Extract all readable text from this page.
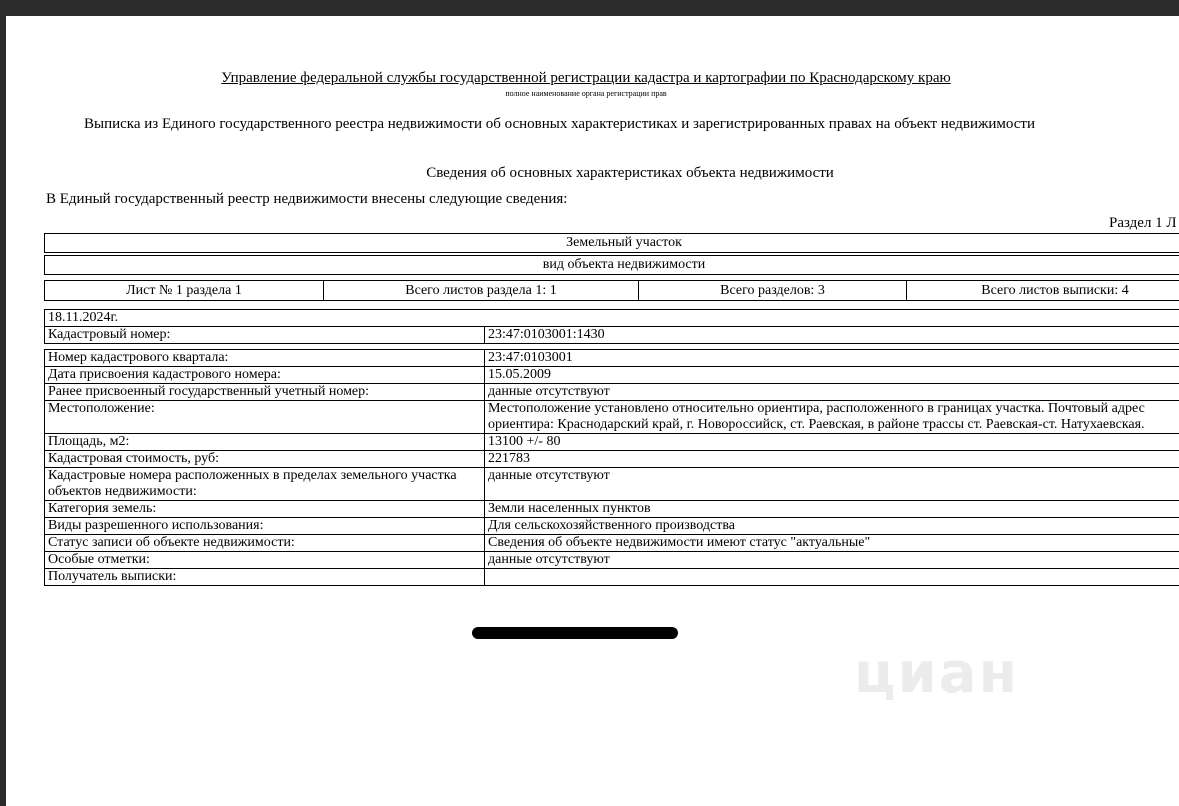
Управление федеральной службы государственной регистрации кадастра и картографии по Краснодарскому краю
полное наименование органа регистрации прав
Выписка из Единого государственного реестра недвижимости об основных характеристиках и зарегистрированных правах на объект недвижимости
Сведения об основных характеристиках объекта недвижимости
В Единый государственный реестр недвижимости внесены следующие сведения:
Раздел 1 Л
Земельный участок
вид объекта недвижимости
Лист № 1 раздела 1	Всего листов раздела 1: 1	Всего разделов: 3	Всего листов выписки: 4
18.11.2024г.	
Кадастровый номер:	23:47:0103001:1430

Номер кадастрового квартала:	23:47:0103001
Дата присвоения кадастрового номера:	15.05.2009
Ранее присвоенный государственный учетный номер:	данные отсутствуют
Местоположение:	Местоположение установлено относительно ориентира, расположенного в границах участка. Почтовый адрес ориентира: Краснодарский край, г. Новороссийск, ст. Раевская, в районе трассы ст. Раевская-ст. Натухаевская.
Площадь, м2:	13100 +/- 80
Кадастровая стоимость, руб:	221783
Кадастровые номера расположенных в пределах земельного участка объектов недвижимости:	данные отсутствуют
Категория земель:	Земли населенных пунктов
Виды разрешенного использования:	Для сельскохозяйственного производства
Статус записи об объекте недвижимости:	Сведения об объекте недвижимости имеют статус "актуальные"
Особые отметки:	данные отсутствуют
Получатель выписки:	
циан
